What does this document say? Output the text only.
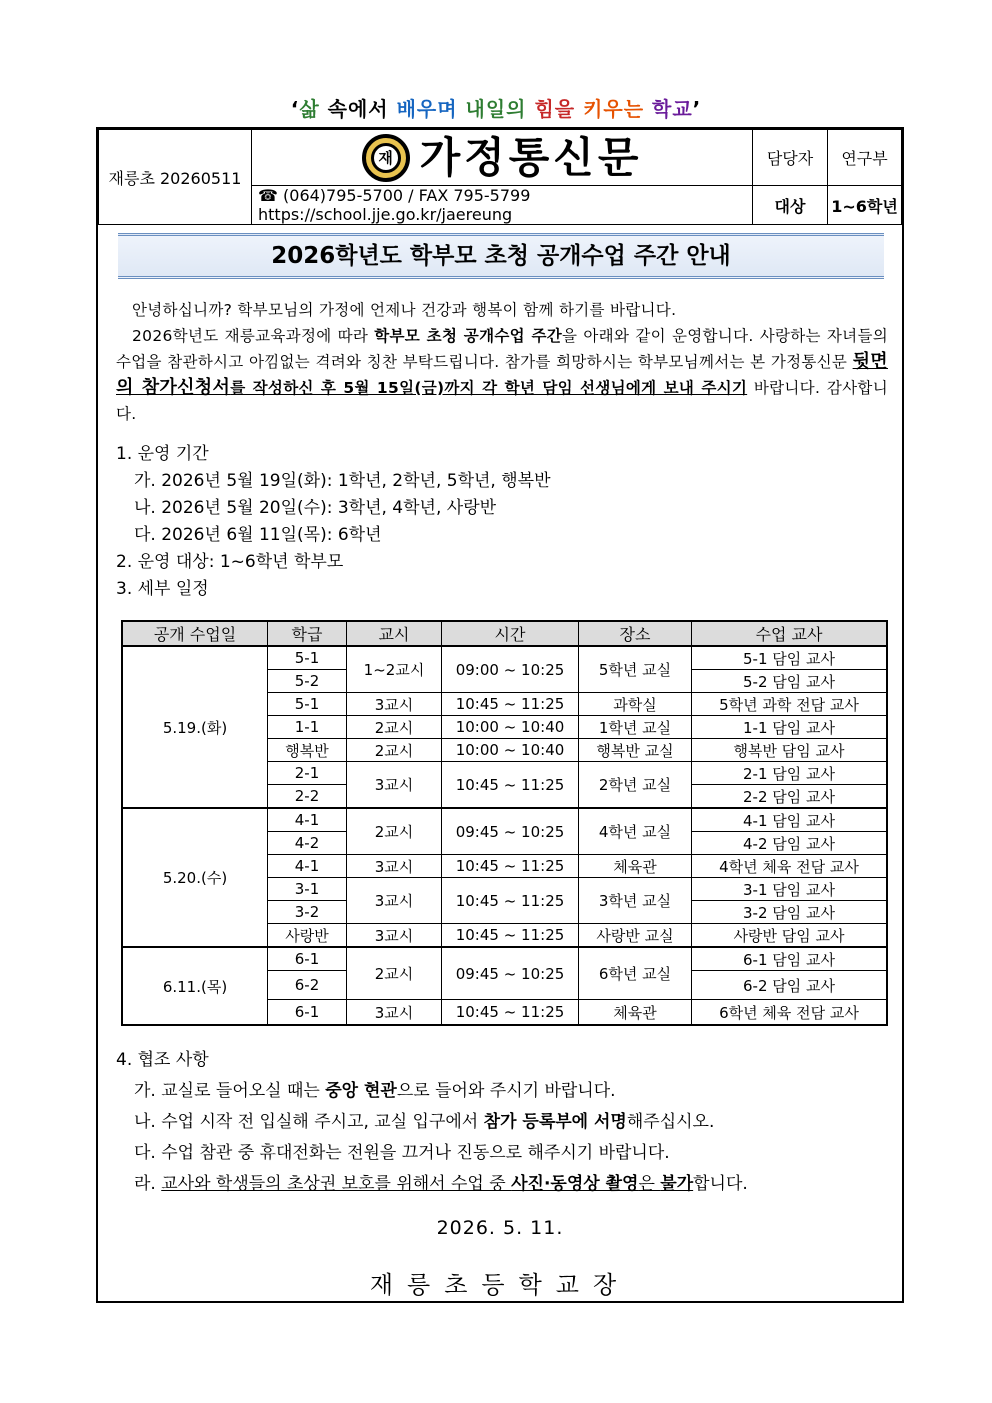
‘삶 속에서 배우며 내일의 힘을 키우는 학교’
재릉초 20260511	재 가정통신문	담당자	연구부
	☎ (064)795-5700 / FAX 795-5799 https://school.jje.go.kr/jaereung	대상	1~6학년
2026학년도 학부모 초청 공개수업 주간 안내

안녕하십니까? 학부모님의 가정에 언제나 건강과 행복이 함께 하기를 바랍니다.

2026학년도 재릉교육과정에 따라 학부모 초청 공개수업 주간을 아래와 같이 운영합니다. 사랑하는 자녀들의 수업을 참관하시고 아낌없는 격려와 칭찬 부탁드립니다. 참가를 희망하시는 학부모님께서는 본 가정통신문 뒷면의 참가신청서를 작성하신 후 5월 15일(금)까지 각 학년 담임 선생님에게 보내 주시기 바랍니다. 감사합니다.

1. 운영 기간
가. 2026년 5월 19일(화): 1학년, 2학년, 5학년, 행복반
나. 2026년 5월 20일(수): 3학년, 4학년, 사랑반
다. 2026년 6월 11일(목): 6학년
2. 운영 대상: 1~6학년 학부모
3. 세부 일정
공개 수업일	학급	교시	시간	장소	수업 교사
5.19.(화)	5-1	1~2교시	09:00 ~ 10:25	5학년 교실	5-1 담임 교사
	5-2				5-2 담임 교사
	5-1	3교시	10:45 ~ 11:25	과학실	5학년 과학 전담 교사
	1-1	2교시	10:00 ~ 10:40	1학년 교실	1-1 담임 교사
	행복반	2교시	10:00 ~ 10:40	행복반 교실	행복반 담임 교사
	2-1	3교시	10:45 ~ 11:25	2학년 교실	2-1 담임 교사
	2-2				2-2 담임 교사
5.20.(수)	4-1	2교시	09:45 ~ 10:25	4학년 교실	4-1 담임 교사
	4-2				4-2 담임 교사
	4-1	3교시	10:45 ~ 11:25	체육관	4학년 체육 전담 교사
	3-1	3교시	10:45 ~ 11:25	3학년 교실	3-1 담임 교사
	3-2				3-2 담임 교사
	사랑반	3교시	10:45 ~ 11:25	사랑반 교실	사랑반 담임 교사
6.11.(목)	6-1	2교시	09:45 ~ 10:25	6학년 교실	6-1 담임 교사
	6-2				6-2 담임 교사
	6-1	3교시	10:45 ~ 11:25	체육관	6학년 체육 전담 교사
4. 협조 사항
가. 교실로 들어오실 때는 중앙 현관으로 들어와 주시기 바랍니다.
나. 수업 시작 전 입실해 주시고, 교실 입구에서 참가 등록부에 서명해주십시오.
다. 수업 참관 중 휴대전화는 전원을 끄거나 진동으로 해주시기 바랍니다.
라. 교사와 학생들의 초상권 보호를 위해서 수업 중 사진·동영상 촬영은 불가합니다.
2026. 5. 11.
재릉초등학교장
